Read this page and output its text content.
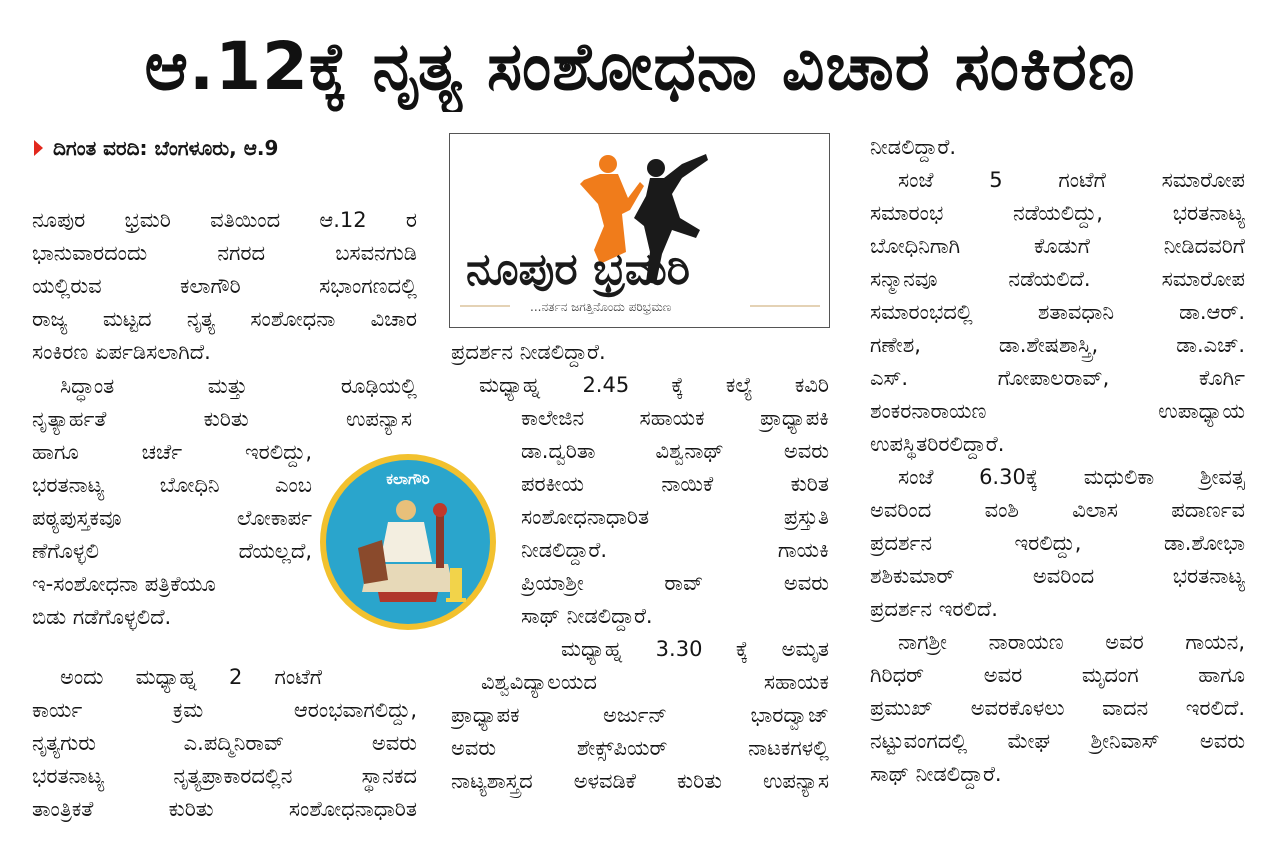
ಆ.12ಕ್ಕೆ ನೃತ್ಯ ಸಂಶೋಧನಾ ವಿಚಾರ ಸಂಕಿರಣ
ದಿಗಂತ ವರದಿ: ಬೆಂಗಳೂರು, ಆ.9

ನೂಪುರ ಭ್ರಮರಿ ವತಿಯಿಂದ ಆ.12 ರ

ಭಾನುವಾರದಂದು ನಗರದ ಬಸವನಗುಡಿ

ಯಲ್ಲಿರುವ ಕಲಾಗೌರಿ ಸಭಾಂಗಣದಲ್ಲಿ

ರಾಜ್ಯ ಮಟ್ಟದ ನೃತ್ಯ ಸಂಶೋಧನಾ ವಿಚಾರ

ಸಂಕಿರಣ ಏರ್ಪಡಿಸಲಾಗಿದೆ.

ಸಿದ್ಧಾಂತ ಮತ್ತು ರೂಢಿಯಲ್ಲಿ

ನೃತ್ಯಾರ್ಹತೆ ಕುರಿತು ಉಪನ್ಯಾಸ

ಹಾಗೂ ಚರ್ಚೆ ಇರಲಿದ್ದು,

ಭರತನಾಟ್ಯ ಬೋಧಿನಿ ಎಂಬ

ಪಠ್ಯಪುಸ್ತಕವೂ ಲೋಕಾರ್ಪ

ಣೆಗೊಳ್ಳಲಿ ದೆಯಲ್ಲದೆ,

ಇ-ಸಂಶೋಧನಾ ಪತ್ರಿಕೆಯೂ

ಬಿಡು ಗಡೆಗೊಳ್ಳಲಿದೆ.

ಅಂದು ಮಧ್ಯಾಹ್ನ 2 ಗಂಟೆಗೆ

ಕಾರ್ಯ ಕ್ರಮ ಆರಂಭವಾಗಲಿದ್ದು,

ನೃತ್ಯಗುರು ಎ.ಪದ್ಮಿನಿರಾವ್ ಅವರು

ಭರತನಾಟ್ಯ ನೃತ್ಯಪ್ರಾಕಾರದಲ್ಲಿನ ಸ್ಥಾನಕದ

ತಾಂತ್ರಿಕತೆ ಕುರಿತು ಸಂಶೋಧನಾಧಾರಿತ

ನೂಪುರ ಭ್ರಮರಿ
...ನರ್ತನ ಜಗತ್ತಿನೊಂದು ಪರಿಭ್ರಮಣ
ಕಲಾಗೌರಿ

ಪ್ರದರ್ಶನ ನೀಡಲಿದ್ದಾರೆ.

ಮಧ್ಯಾಹ್ನ 2.45 ಕ್ಕೆ ಕಲ್ಯೆ ಕವಿರಿ

ಕಾಲೇಜಿನ ಸಹಾಯಕ ಪ್ರಾಧ್ಯಾಪಕಿ

ಡಾ.ದ್ವರಿತಾ ವಿಶ್ವನಾಥ್ ಅವರು

ಪರಕೀಯ ನಾಯಿಕೆ ಕುರಿತ

ಸಂಶೋಧನಾಧಾರಿತ ಪ್ರಸ್ತುತಿ

ನೀಡಲಿದ್ದಾರೆ. ಗಾಯಕಿ

ಪ್ರಿಯಾಶ್ರೀ ರಾವ್ ಅವರು

ಸಾಥ್ ನೀಡಲಿದ್ದಾರೆ.

ಮಧ್ಯಾಹ್ನ 3.30 ಕ್ಕೆ ಅಮೃತ

ವಿಶ್ವವಿದ್ಯಾಲಯದ ಸಹಾಯಕ

ಪ್ರಾಧ್ಯಾಪಕ ಅರ್ಜುನ್ ಭಾರದ್ವಾಜ್

ಅವರು ಶೇಕ್ಸ್‌ಪಿಯರ್ ನಾಟಕಗಳಲ್ಲಿ

ನಾಟ್ಯಶಾಸ್ತ್ರದ ಅಳವಡಿಕೆ ಕುರಿತು ಉಪನ್ಯಾಸ

ನೀಡಲಿದ್ದಾರೆ.

ಸಂಜೆ 5 ಗಂಟೆಗೆ ಸಮಾರೋಪ

ಸಮಾರಂಭ ನಡೆಯಲಿದ್ದು, ಭರತನಾಟ್ಯ

ಬೋಧಿನಿಗಾಗಿ ಕೊಡುಗೆ ನೀಡಿದವರಿಗೆ

ಸನ್ಮಾನವೂ ನಡೆಯಲಿದೆ. ಸಮಾರೋಪ

ಸಮಾರಂಭದಲ್ಲಿ ಶತಾವಧಾನಿ ಡಾ.ಆರ್.

ಗಣೇಶ, ಡಾ.ಶೇಷಶಾಸ್ತ್ರಿ, ಡಾ.ಎಚ್.

ಎಸ್. ಗೋಪಾಲರಾವ್, ಕೊರ್ಗಿ

ಶಂಕರನಾರಾಯಣ ಉಪಾಧ್ಯಾಯ

ಉಪಸ್ಥಿತರಿರಲಿದ್ದಾರೆ.

ಸಂಜೆ 6.30ಕ್ಕೆ ಮಧುಲಿಕಾ ಶ್ರೀವತ್ಸ

ಅವರಿಂದ ವಂಶಿ ವಿಲಾಸ ಪದಾರ್ಣವ

ಪ್ರದರ್ಶನ ಇರಲಿದ್ದು, ಡಾ.ಶೋಭಾ

ಶಶಿಕುಮಾರ್ ಅವರಿಂದ ಭರತನಾಟ್ಯ

ಪ್ರದರ್ಶನ ಇರಲಿದೆ.

ನಾಗಶ್ರೀ ನಾರಾಯಣ ಅವರ ಗಾಯನ,

ಗಿರಿಧರ್ ಅವರ ಮೃದಂಗ ಹಾಗೂ

ಪ್ರಮುಖ್ ಅವರಕೊಳಲು ವಾದನ ಇರಲಿದೆ.

ನಟ್ಟುವಂಗದಲ್ಲಿ ಮೇಘ ಶ್ರೀನಿವಾಸ್ ಅವರು

ಸಾಥ್ ನೀಡಲಿದ್ದಾರೆ.
